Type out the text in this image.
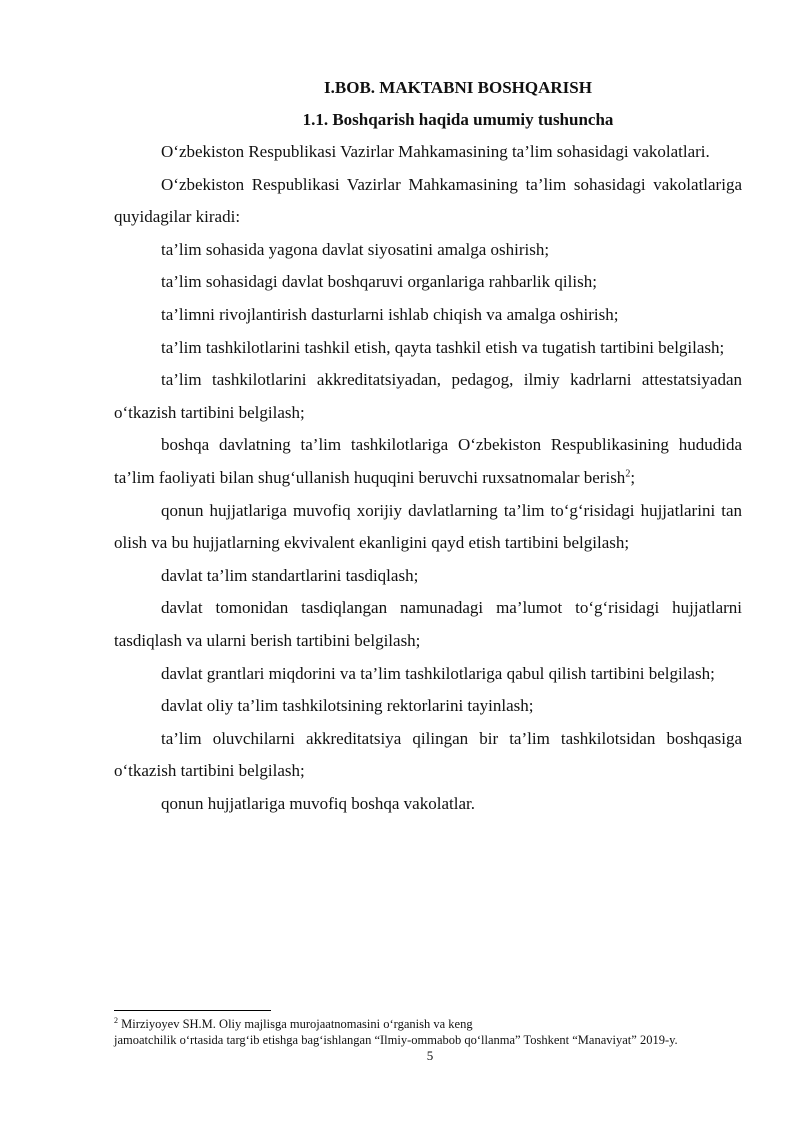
I.BOB. MAKTABNI BOSHQARISH

1.1. Boshqarish haqida umumiy tushuncha

O‘zbekiston Respublikasi Vazirlar Mahkamasining ta’lim sohasidagi vakolatlari.

O‘zbekiston Respublikasi Vazirlar Mahkamasining ta’lim sohasidagi vakolatlariga quyidagilar kiradi:

ta’lim sohasida yagona davlat siyosatini amalga oshirish;

ta’lim sohasidagi davlat boshqaruvi organlariga rahbarlik qilish;

ta’limni rivojlantirish dasturlarni ishlab chiqish va amalga oshirish;

ta’lim tashkilotlarini tashkil etish, qayta tashkil etish va tugatish tartibini belgilash;

ta’lim tashkilotlarini akkreditatsiyadan, pedagog, ilmiy kadrlarni attestatsiyadan o‘tkazish tartibini belgilash;

boshqa davlatning ta’lim tashkilotlariga O‘zbekiston Respublikasining hududida ta’lim faoliyati bilan shug‘ullanish huquqini beruvchi ruxsatnomalar berish$^2$;

qonun hujjatlariga muvofiq xorijiy davlatlarning ta’lim to‘g‘risidagi hujjatlarini tan olish va bu hujjatlarning ekvivalent ekanligini qayd etish tartibini belgilash;

davlat ta’lim standartlarini tasdiqlash;

davlat tomonidan tasdiqlangan namunadagi ma’lumot to‘g‘risidagi hujjatlarni tasdiqlash va ularni berish tartibini belgilash;

davlat grantlari miqdorini va ta’lim tashkilotlariga qabul qilish tartibini belgilash;

davlat oliy ta’lim tashkilotsining rektorlarini tayinlash;

ta’lim oluvchilarni akkreditatsiya qilingan bir ta’lim tashkilotsidan boshqasiga o‘tkazish tartibini belgilash;

qonun hujjatlariga muvofiq boshqa vakolatlar.

$^2$ Mirziyoyev SH.M. Oliy majlisga murojaatnomasini o‘rganish va keng
jamoatchilik o‘rtasida targ‘ib etishga bag‘ishlangan “Ilmiy-ommabob qo‘llanma” Toshkent “Manaviyat” 2019-y.

5
